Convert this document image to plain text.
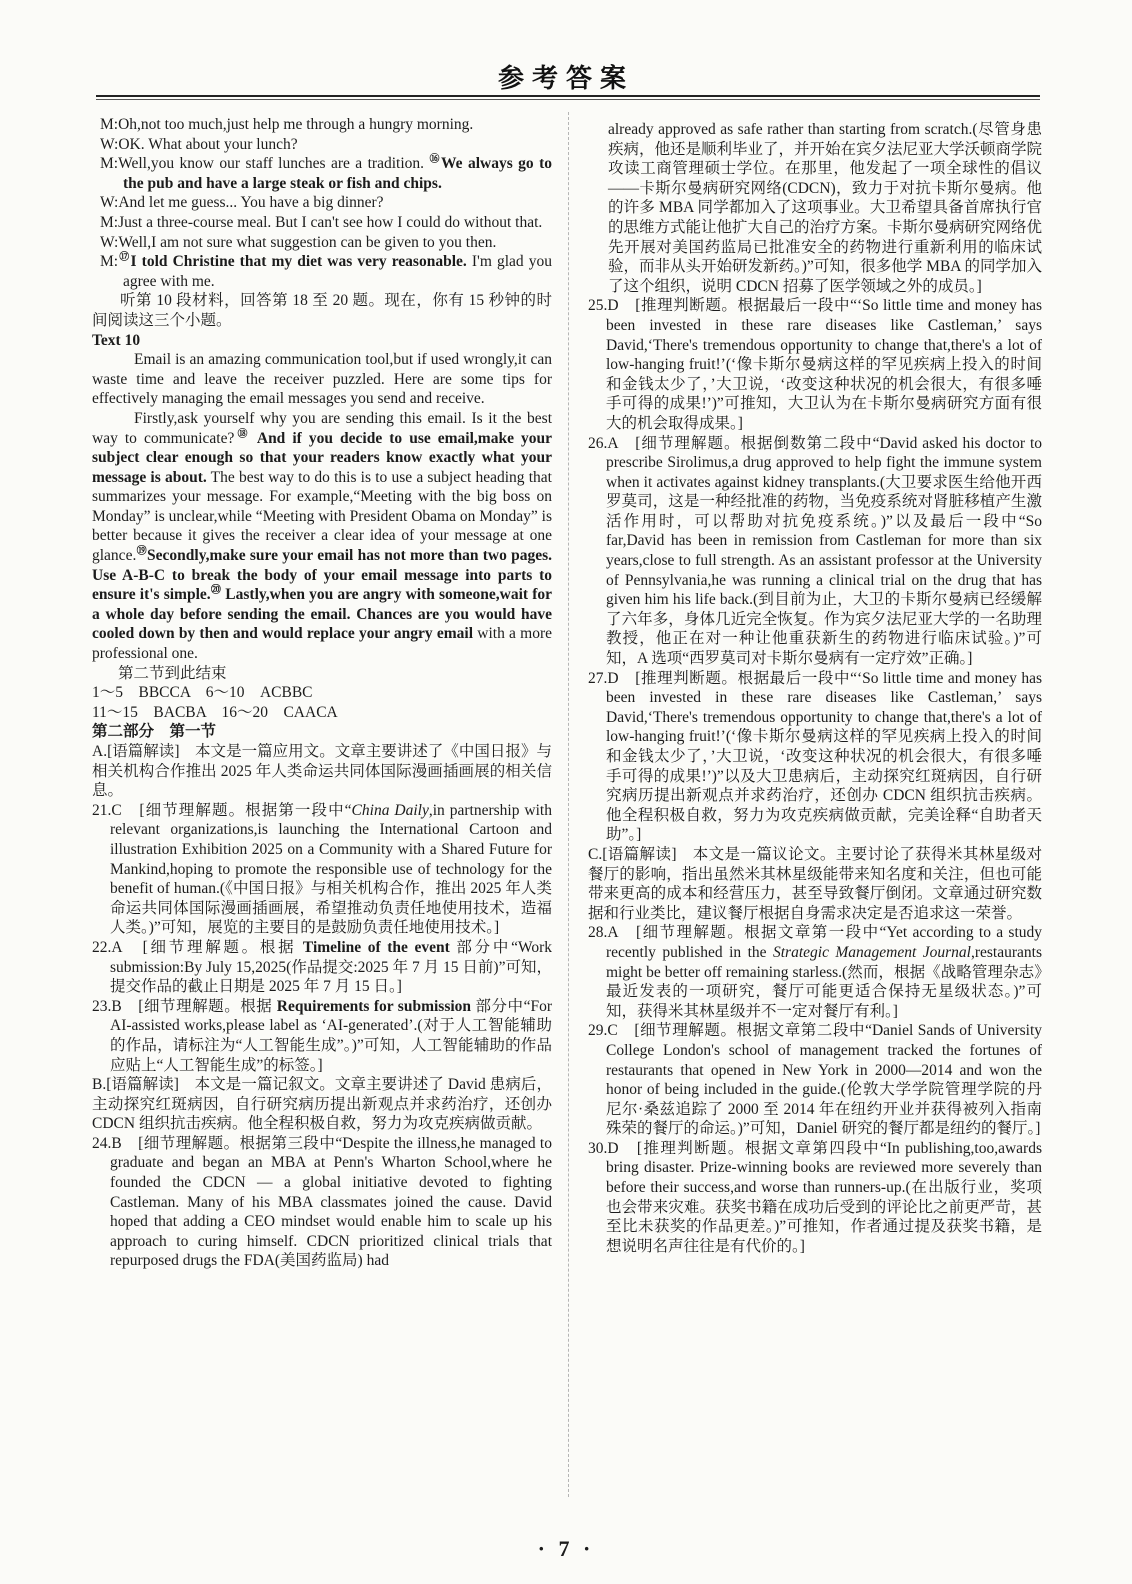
参考答案

M:Oh,not too much,just help me through a hungry morning.

W:OK. What about your lunch?

M:Well,you know our staff lunches are a tradition. ⑯We always go to the pub and have a large steak or fish and chips.

W:And let me guess... You have a big dinner?

M:Just a three-course meal. But I can't see how I could do without that.

W:Well,I am not sure what suggestion can be given to you then.

M:⑰I told Christine that my diet was very reasonable. I'm glad you agree with me.

听第 10 段材料，回答第 18 至 20 题。现在，你有 15 秒钟的时间阅读这三个小题。

Text 10

Email is an amazing communication tool,but if used wrongly,it can waste time and leave the receiver puzzled. Here are some tips for effectively managing the email messages you send and receive.

Firstly,ask yourself why you are sending this email. Is it the best way to communicate?⑱ And if you decide to use email,make your subject clear enough so that your readers know exactly what your message is about. The best way to do this is to use a subject heading that summarizes your message. For example,“Meeting with the big boss on Monday” is unclear,while “Meeting with President Obama on Monday” is better because it gives the receiver a clear idea of your message at one glance.⑲Secondly,make sure your email has not more than two pages. Use A-B-C to break the body of your email message into parts to ensure it's simple.⑳ Lastly,when you are angry with someone,wait for a whole day before sending the email. Chances are you would have cooled down by then and would replace your angry email with a more professional one.

第二节到此结束

1～5　BBCCA　6～10　ACBBC

11～15　BACBA　16～20　CAACA

第二部分　第一节

A.[语篇解读]　本文是一篇应用文。文章主要讲述了《中国日报》与相关机构合作推出 2025 年人类命运共同体国际漫画插画展的相关信息。

21.C　[细节理解题。根据第一段中“China Daily,in partnership with relevant organizations,is launching the International Cartoon and illustration Exhibition 2025 on a Community with a Shared Future for Mankind,hoping to promote the responsible use of technology for the benefit of human.(《中国日报》与相关机构合作，推出 2025 年人类命运共同体国际漫画插画展，希望推动负责任地使用技术，造福人类。)”可知，展览的主要目的是鼓励负责任地使用技术。]

22.A　[细节理解题。根据 Timeline of the event 部分中“Work submission:By July 15,2025(作品提交:2025 年 7 月 15 日前)”可知，提交作品的截止日期是 2025 年 7 月 15 日。]

23.B　[细节理解题。根据 Requirements for submission 部分中“For AI-assisted works,please label as ‘AI-generated’.(对于人工智能辅助的作品，请标注为“人工智能生成”。)”可知，人工智能辅助的作品应贴上“人工智能生成”的标签。]

B.[语篇解读]　本文是一篇记叙文。文章主要讲述了 David 患病后，主动探究红斑病因，自行研究病历提出新观点并求药治疗，还创办 CDCN 组织抗击疾病。他全程积极自救，努力为攻克疾病做贡献。

24.B　[细节理解题。根据第三段中“Despite the illness,he managed to graduate and began an MBA at Penn's Wharton School,where he founded the CDCN — a global initiative devoted to fighting Castleman. Many of his MBA classmates joined the cause. David hoped that adding a CEO mindset would enable him to scale up his approach to curing himself. CDCN prioritized clinical trials that repurposed drugs the FDA(美国药监局) had

already approved as safe rather than starting from scratch.(尽管身患疾病，他还是顺利毕业了，并开始在宾夕法尼亚大学沃顿商学院攻读工商管理硕士学位。在那里，他发起了一项全球性的倡议——卡斯尔曼病研究网络(CDCN)，致力于对抗卡斯尔曼病。他的许多 MBA 同学都加入了这项事业。大卫希望具备首席执行官的思维方式能让他扩大自己的治疗方案。卡斯尔曼病研究网络优先开展对美国药监局已批准安全的药物进行重新利用的临床试验，而非从头开始研发新药。)”可知，很多他学 MBA 的同学加入了这个组织，说明 CDCN 招募了医学领域之外的成员。]

25.D　[推理判断题。根据最后一段中“‘So little time and money has been invested in these rare diseases like Castleman,’ says David,‘There's tremendous opportunity to change that,there's a lot of low-hanging fruit!’(‘像卡斯尔曼病这样的罕见疾病上投入的时间和金钱太少了，’大卫说，‘改变这种状况的机会很大，有很多唾手可得的成果!’)”可推知，大卫认为在卡斯尔曼病研究方面有很大的机会取得成果。]

26.A　[细节理解题。根据倒数第二段中“David asked his doctor to prescribe Sirolimus,a drug approved to help fight the immune system when it activates against kidney transplants.(大卫要求医生给他开西罗莫司，这是一种经批准的药物，当免疫系统对肾脏移植产生激活作用时，可以帮助对抗免疫系统。)”以及最后一段中“So far,David has been in remission from Castleman for more than six years,close to full strength. As an assistant professor at the University of Pennsylvania,he was running a clinical trial on the drug that has given him his life back.(到目前为止，大卫的卡斯尔曼病已经缓解了六年多，身体几近完全恢复。作为宾夕法尼亚大学的一名助理教授，他正在对一种让他重获新生的药物进行临床试验。)”可知，A 选项“西罗莫司对卡斯尔曼病有一定疗效”正确。]

27.D　[推理判断题。根据最后一段中“‘So little time and money has been invested in these rare diseases like Castleman,’ says David,‘There's tremendous opportunity to change that,there's a lot of low-hanging fruit!’(‘像卡斯尔曼病这样的罕见疾病上投入的时间和金钱太少了，’大卫说，‘改变这种状况的机会很大，有很多唾手可得的成果!’)”以及大卫患病后，主动探究红斑病因，自行研究病历提出新观点并求药治疗，还创办 CDCN 组织抗击疾病。他全程积极自救，努力为攻克疾病做贡献，完美诠释“自助者天助”。]

C.[语篇解读]　本文是一篇议论文。主要讨论了获得米其林星级对餐厅的影响，指出虽然米其林星级能带来知名度和关注，但也可能带来更高的成本和经营压力，甚至导致餐厅倒闭。文章通过研究数据和行业类比，建议餐厅根据自身需求决定是否追求这一荣誉。

28.A　[细节理解题。根据文章第一段中“Yet according to a study recently published in the Strategic Management Journal,restaurants might be better off remaining starless.(然而，根据《战略管理杂志》最近发表的一项研究，餐厅可能更适合保持无星级状态。)”可知，获得米其林星级并不一定对餐厅有利。]

29.C　[细节理解题。根据文章第二段中“Daniel Sands of University College London's school of management tracked the fortunes of restaurants that opened in New York in 2000—2014 and won the honor of being included in the guide.(伦敦大学学院管理学院的丹尼尔·桑兹追踪了 2000 至 2014 年在纽约开业并获得被列入指南殊荣的餐厅的命运。)”可知，Daniel 研究的餐厅都是纽约的餐厅。]

30.D　[推理判断题。根据文章第四段中“In publishing,too,awards bring disaster. Prize-winning books are reviewed more severely than before their success,and worse than runners-up.(在出版行业，奖项也会带来灾难。获奖书籍在成功后受到的评论比之前更严苛，甚至比未获奖的作品更差。)”可推知，作者通过提及获奖书籍，是想说明名声往往是有代价的。]

· 7 ·
